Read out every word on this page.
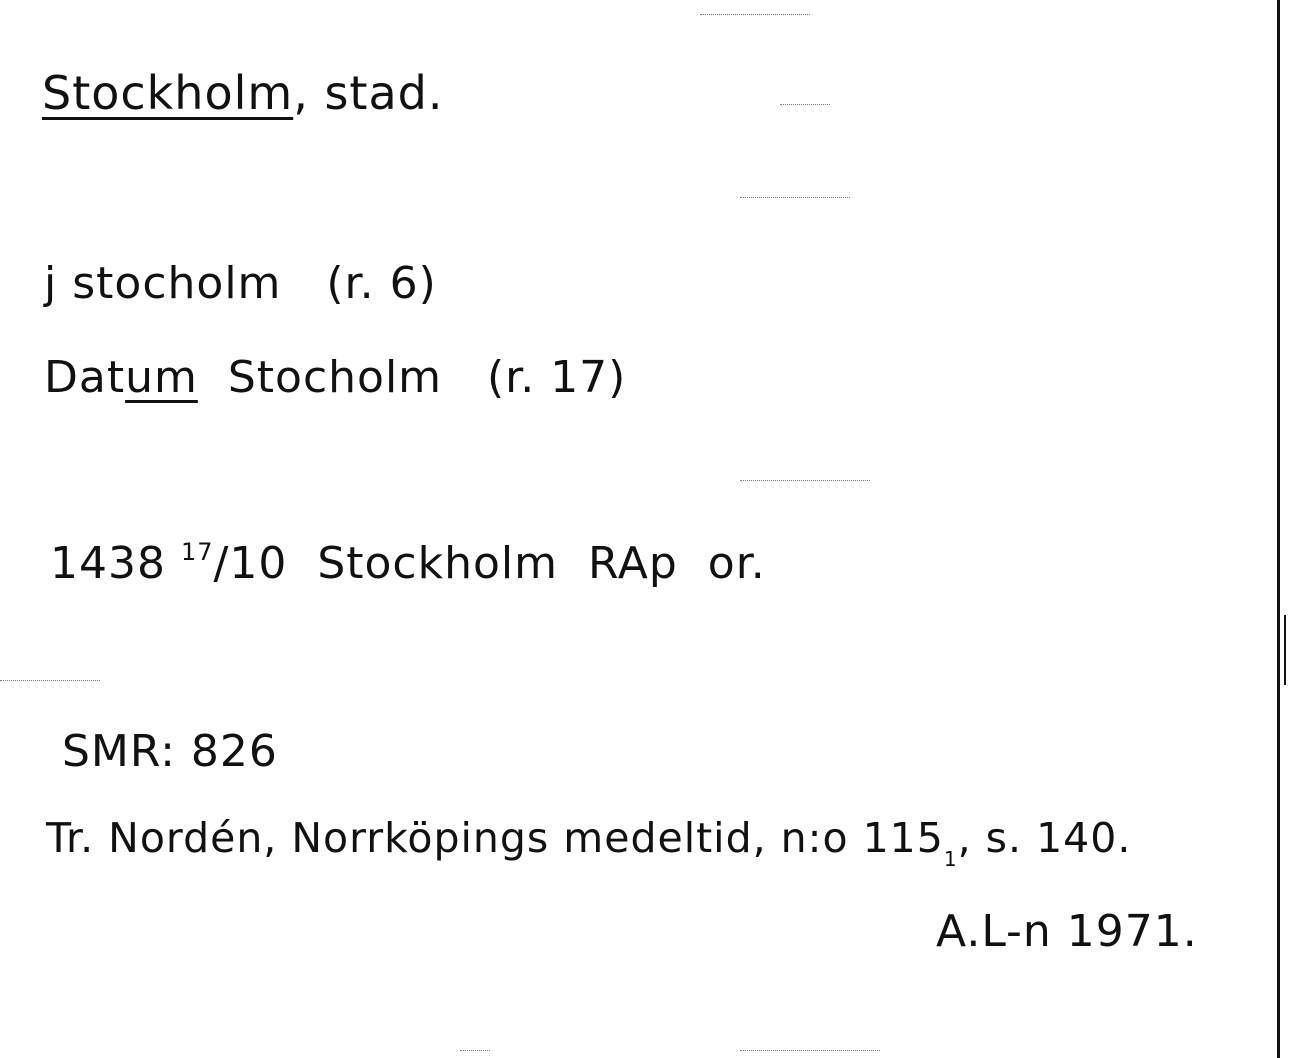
Stockholm, stad.
j stocholm (r. 6)
Datum Stocholm (r. 17)
1438 $^{17}$/10 Stockholm RAp or.
SMR: 826
Tr. Nordén, Norrköpings medeltid, n:o $115_1$, s. 140.
A.L-n 1971.
